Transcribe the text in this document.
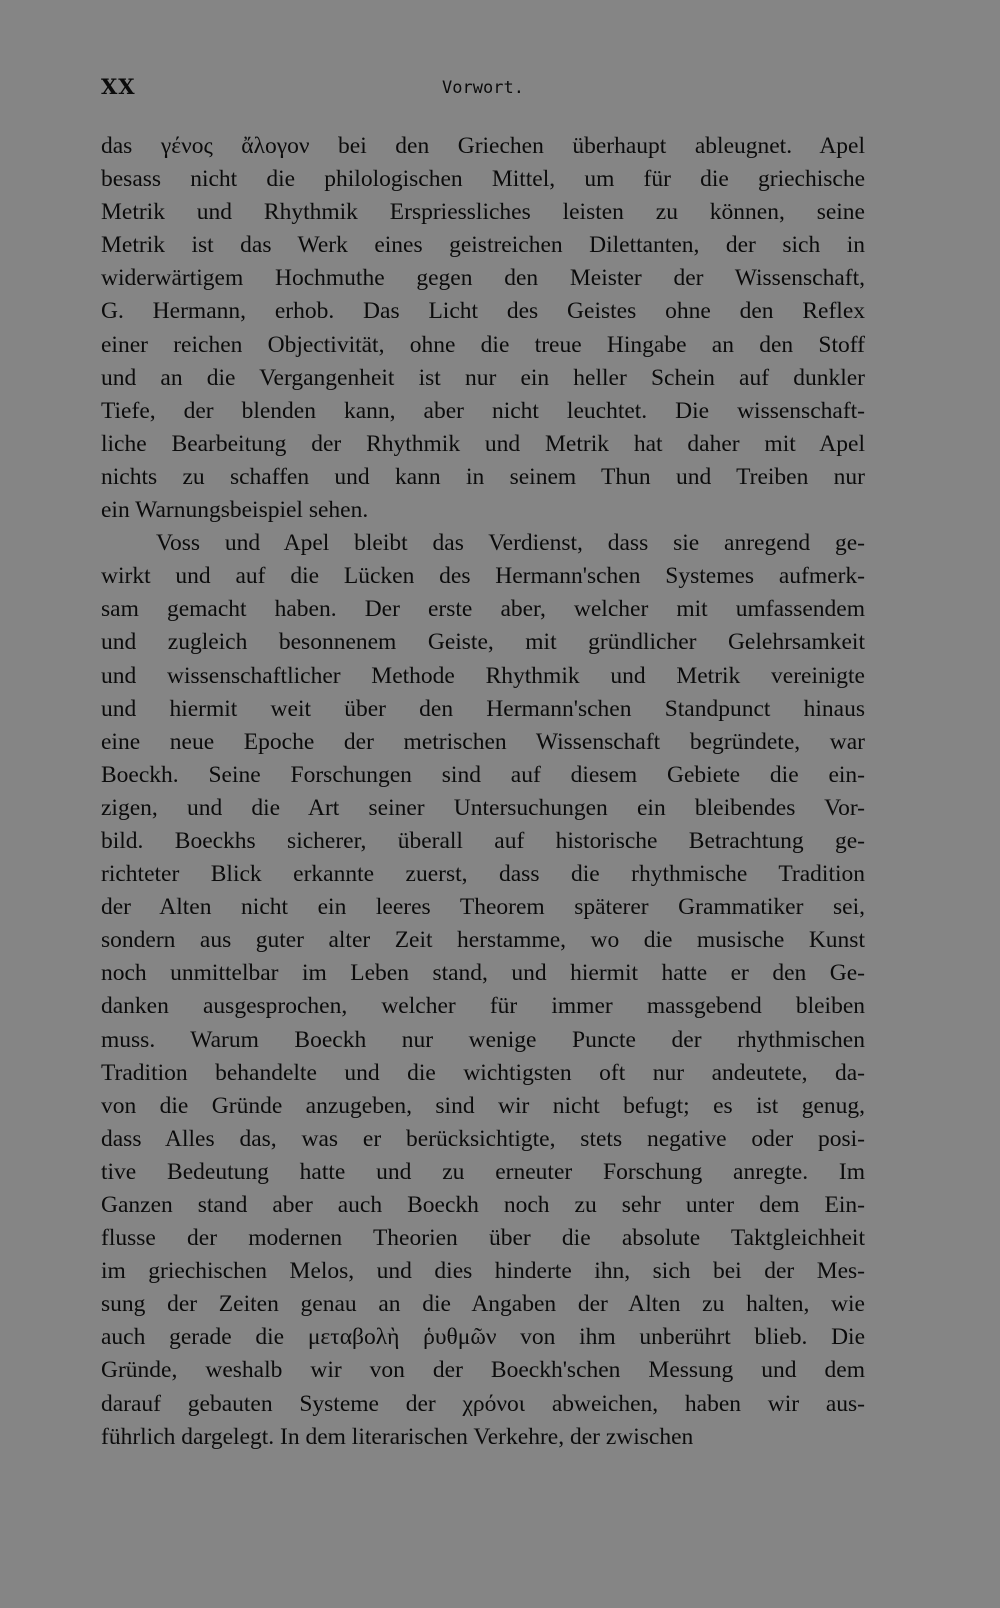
XX	Vorwort.
das γένος ἄλογον bei den Griechen überhaupt ableugnet. Apel
besass nicht die philologischen Mittel, um für die griechische
Metrik und Rhythmik Erspriessliches leisten zu können, seine
Metrik ist das Werk eines geistreichen Dilettanten, der sich in
widerwärtigem Hochmuthe gegen den Meister der Wissenschaft,
G. Hermann, erhob. Das Licht des Geistes ohne den Reflex
einer reichen Objectivität, ohne die treue Hingabe an den Stoff
und an die Vergangenheit ist nur ein heller Schein auf dunkler
Tiefe, der blenden kann, aber nicht leuchtet. Die wissenschaft-
liche Bearbeitung der Rhythmik und Metrik hat daher mit Apel
nichts zu schaffen und kann in seinem Thun und Treiben nur
ein Warnungsbeispiel sehen.
Voss und Apel bleibt das Verdienst, dass sie anregend ge-
wirkt und auf die Lücken des Hermann'schen Systemes aufmerk-
sam gemacht haben. Der erste aber, welcher mit umfassendem
und zugleich besonnenem Geiste, mit gründlicher Gelehrsamkeit
und wissenschaftlicher Methode Rhythmik und Metrik vereinigte
und hiermit weit über den Hermann'schen Standpunct hinaus
eine neue Epoche der metrischen Wissenschaft begründete, war
Boeckh. Seine Forschungen sind auf diesem Gebiete die ein-
zigen, und die Art seiner Untersuchungen ein bleibendes Vor-
bild. Boeckhs sicherer, überall auf historische Betrachtung ge-
richteter Blick erkannte zuerst, dass die rhythmische Tradition
der Alten nicht ein leeres Theorem späterer Grammatiker sei,
sondern aus guter alter Zeit herstamme, wo die musische Kunst
noch unmittelbar im Leben stand, und hiermit hatte er den Ge-
danken ausgesprochen, welcher für immer massgebend bleiben
muss. Warum Boeckh nur wenige Puncte der rhythmischen
Tradition behandelte und die wichtigsten oft nur andeutete, da-
von die Gründe anzugeben, sind wir nicht befugt; es ist genug,
dass Alles das, was er berücksichtigte, stets negative oder posi-
tive Bedeutung hatte und zu erneuter Forschung anregte. Im
Ganzen stand aber auch Boeckh noch zu sehr unter dem Ein-
flusse der modernen Theorien über die absolute Taktgleichheit
im griechischen Melos, und dies hinderte ihn, sich bei der Mes-
sung der Zeiten genau an die Angaben der Alten zu halten, wie
auch gerade die μεταβολὴ ῥυθμῶν von ihm unberührt blieb. Die
Gründe, weshalb wir von der Boeckh'schen Messung und dem
darauf gebauten Systeme der χρόνοι abweichen, haben wir aus-
führlich dargelegt. In dem literarischen Verkehre, der zwischen
